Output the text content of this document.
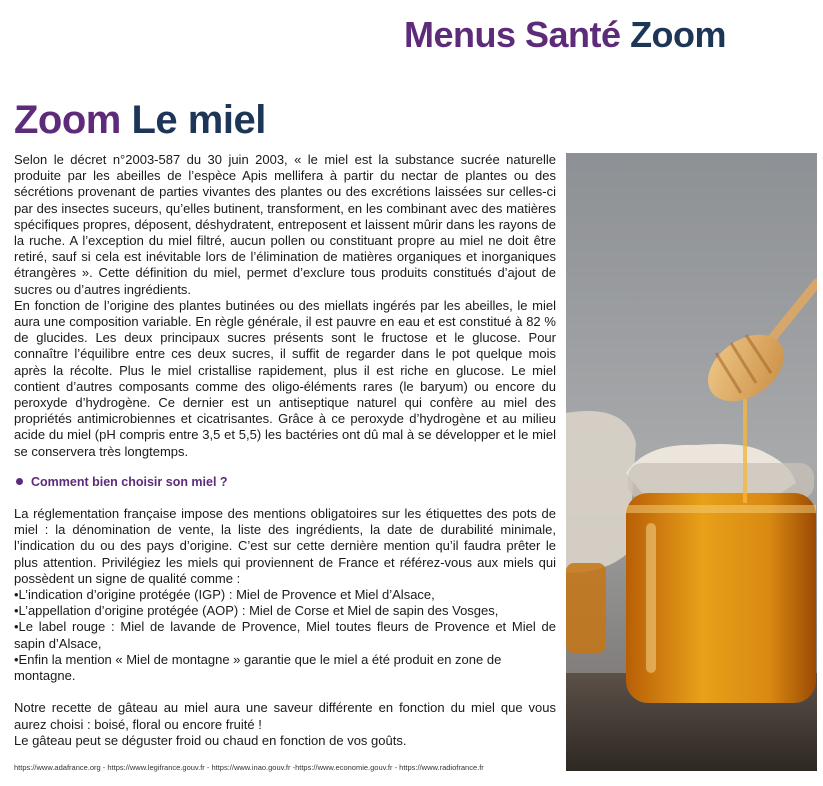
Menus Santé Zoom
Zoom Le miel

Selon le décret n°2003-587 du 30 juin 2003, « le miel est la substance sucrée naturelle produite par les abeilles de l’espèce Apis mellifera à partir du nectar de plantes ou des sécrétions provenant de parties vivantes des plantes ou des excrétions laissées sur celles-ci par des insectes suceurs, qu’elles butinent, transforment, en les combinant avec des matières spécifiques propres, déposent, déshydratent, entreposent et laissent mûrir dans les rayons de la ruche. A l’exception du miel filtré, aucun pollen ou constituant propre au miel ne doit être retiré, sauf si cela est inévitable lors de l’élimination de matières organiques et inorganiques étrangères ». Cette définition du miel, permet d’exclure tous produits constitués d’ajout de sucres ou d’autres ingrédients.

En fonction de l’origine des plantes butinées ou des miellats ingérés par les abeilles, le miel aura une composition variable. En règle générale, il est pauvre en eau et est constitué à 82 % de glucides. Les deux principaux sucres présents sont le fructose et le glucose. Pour connaître l’équilibre entre ces deux sucres, il suffit de regarder dans le pot quelque mois après la récolte. Plus le miel cristallise rapidement, plus il est riche en glucose. Le miel contient d’autres composants comme des oligo-éléments rares (le baryum) ou encore du peroxyde d’hydrogène. Ce dernier est un antiseptique naturel qui confère au miel des propriétés antimicrobiennes et cicatrisantes. Grâce à ce peroxyde d’hydrogène et au milieu acide du miel (pH compris entre 3,5 et 5,5) les bactéries ont dû mal à se développer et le miel se conservera très longtemps.

Comment bien choisir son miel ?

La réglementation française impose des mentions obligatoires sur les étiquettes des pots de miel : la dénomination de vente, la liste des ingrédients, la date de durabilité minimale, l’indication du ou des pays d’origine. C’est sur cette dernière mention qu’il faudra prêter le plus attention. Privilégiez les miels qui proviennent de France et référez-vous aux miels qui possèdent un signe de qualité comme :

•L’indication d’origine protégée (IGP) : Miel de Provence et Miel d’Alsace,

•L’appellation d’origine protégée (AOP) : Miel de Corse et Miel de sapin des Vosges,

•Le label rouge : Miel de lavande de Provence, Miel toutes fleurs de Provence et Miel de sapin d’Alsace,

•Enfin la mention « Miel de montagne » garantie que le miel a été produit en zone de montagne.

Notre recette de gâteau au miel aura une saveur différente en fonction du miel que vous aurez choisi : boisé, floral ou encore fruité !

Le gâteau peut se déguster froid ou chaud en fonction de vos goûts.

https://www.adafrance.org - https://www.legifrance.gouv.fr - https://www.inao.gouv.fr -https://www.economie.gouv.fr - https://www.radiofrance.fr
